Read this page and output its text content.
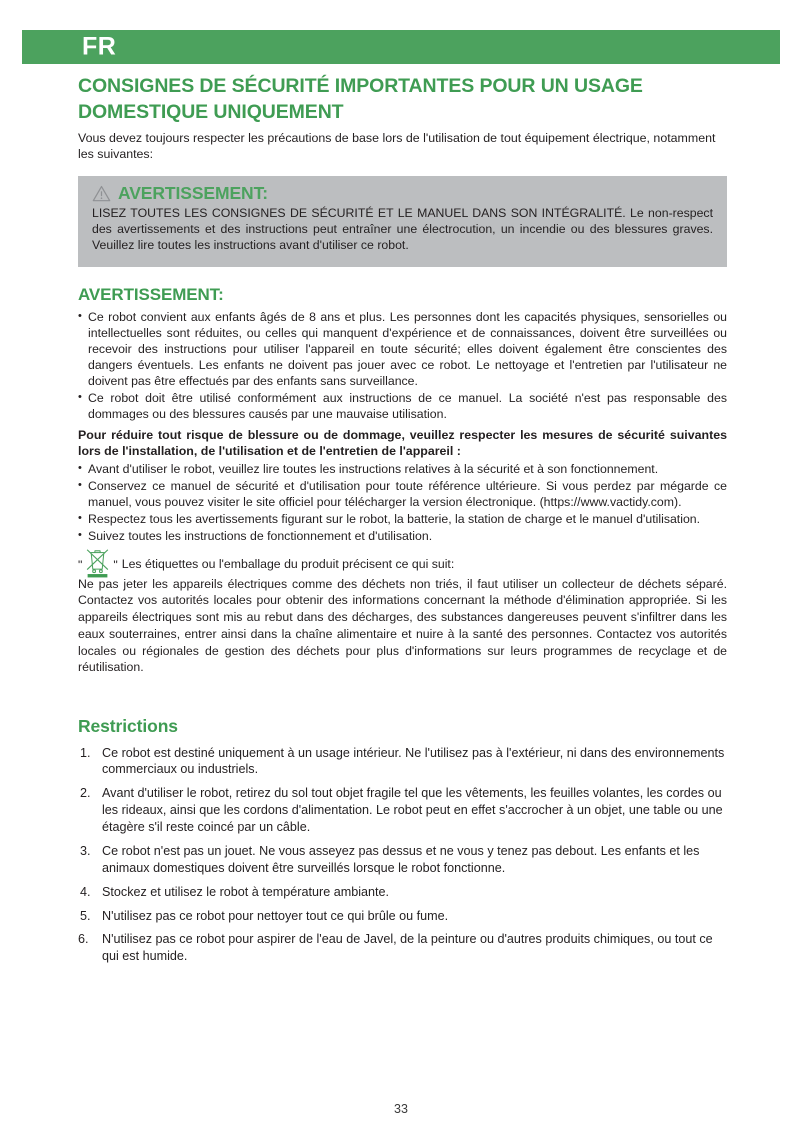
FR
CONSIGNES DE SÉCURITÉ IMPORTANTES POUR UN USAGE DOMESTIQUE UNIQUEMENT

Vous devez toujours respecter les précautions de base lors de l'utilisation de tout équipement électrique, notamment les suivantes:

AVERTISSEMENT:
LISEZ TOUTES LES CONSIGNES DE SÉCURITÉ ET LE MANUEL DANS SON INTÉGRALITÉ. Le non-respect des avertissements et des instructions peut entraîner une électrocution, un incendie ou des blessures graves. Veuillez lire toutes les instructions avant d'utiliser ce robot.
AVERTISSEMENT:
• Ce robot convient aux enfants âgés de 8 ans et plus. Les personnes dont les capacités physiques, sensorielles ou intellectuelles sont réduites, ou celles qui manquent d'expérience et de connaissances, doivent être surveillées ou recevoir des instructions pour utiliser l'appareil en toute sécurité; elles doivent également être conscientes des dangers éventuels. Les enfants ne doivent pas jouer avec ce robot. Le nettoyage et l'entretien par l'utilisateur ne doivent pas être effectués par des enfants sans surveillance.
• Ce robot doit être utilisé conformément aux instructions de ce manuel. La société n'est pas responsable des dommages ou des blessures causés par une mauvaise utilisation.

Pour réduire tout risque de blessure ou de dommage, veuillez respecter les mesures de sécurité suivantes lors de l'installation, de l'utilisation et de l'entretien de l'appareil :

• Avant d'utiliser le robot, veuillez lire toutes les instructions relatives à la sécurité et à son fonctionnement.
• Conservez ce manuel de sécurité et d'utilisation pour toute référence ultérieure. Si vous perdez par mégarde ce manuel, vous pouvez visiter le site officiel pour télécharger la version électronique. (https://www.vactidy.com).
• Respectez tous les avertissements figurant sur le robot, la batterie, la station de charge et le manuel d'utilisation.
• Suivez toutes les instructions de fonctionnement et d'utilisation.
"	" Les étiquettes ou l'emballage du produit précisent ce qui suit:

Ne pas jeter les appareils électriques comme des déchets non triés, il faut utiliser un collecteur de déchets séparé. Contactez vos autorités locales pour obtenir des informations concernant la méthode d'élimination appropriée. Si les appareils électriques sont mis au rebut dans des décharges, des substances dangereuses peuvent s'infiltrer dans les eaux souterraines, entrer ainsi dans la chaîne alimentaire et nuire à la santé des personnes. Contactez vos autorités locales ou régionales de gestion des déchets pour plus d'informations sur leurs programmes de recyclage et de réutilisation.

Restrictions
Ce robot est destiné uniquement à un usage intérieur. Ne l'utilisez pas à l'extérieur, ni dans des environnements commerciaux ou industriels.
Avant d'utiliser le robot, retirez du sol tout objet fragile tel que les vêtements, les feuilles volantes, les cordes ou les rideaux, ainsi que les cordons d'alimentation. Le robot peut en effet s'accrocher à un objet, une table ou une étagère s'il reste coincé par un câble.
Ce robot n'est pas un jouet. Ne vous asseyez pas dessus et ne vous y tenez pas debout. Les enfants et les animaux domestiques doivent être surveillés lorsque le robot fonctionne.
Stockez et utilisez le robot à température ambiante.
N'utilisez pas ce robot pour nettoyer tout ce qui brûle ou fume.
N'utilisez pas ce robot pour aspirer de l'eau de Javel, de la peinture ou d'autres produits chimiques, ou tout ce qui est humide.
33
